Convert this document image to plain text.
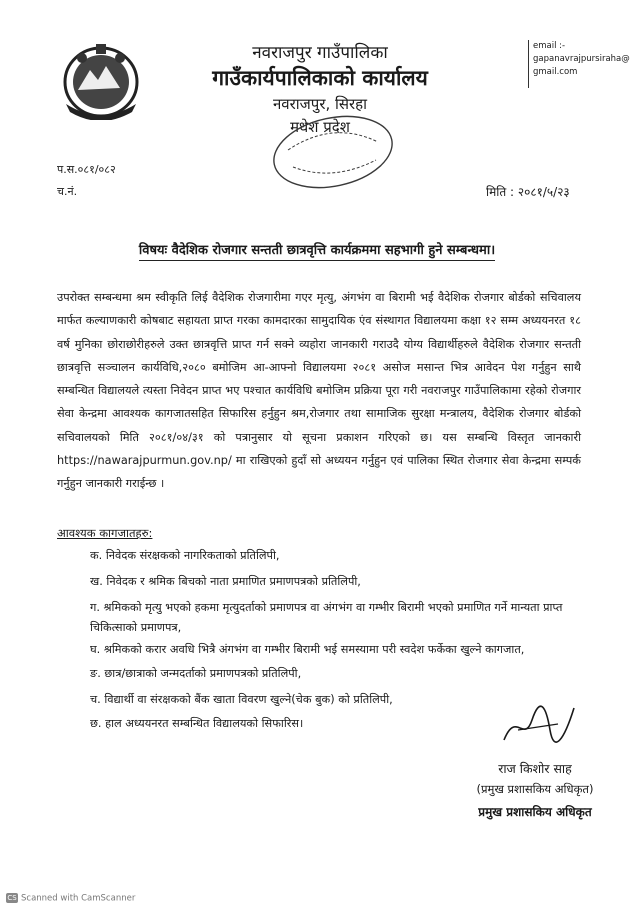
नवराजपुर गाउँपालिका
गाउँकार्यपालिकाको कार्यालय
नवराजपुर, सिरहा
मधेश प्रदेश
email :-
gapanavrajpursiraha@
gmail.com
प.स.०८१/०८२
च.नं.	मिति : २०८१/५/२३
विषयः वैदेशिक रोजगार सन्तती छात्रवृत्ति कार्यक्रममा सहभागी हुने सम्बन्धमा।
उपरोक्त सम्बन्धमा श्रम स्वीकृति लिई वैदेशिक रोजगारीमा गएर मृत्यु, अंगभंग वा बिरामी भई वैदेशिक रोजगार बोर्डको सचिवालय मार्फत कल्याणकारी कोषबाट सहायता प्राप्त गरका कामदारका सामुदायिक एंव संस्थागत विद्यालयमा कक्षा १२ सम्म अध्ययनरत १८ वर्ष मुनिका छोराछोरीहरुले उक्त छात्रवृत्ति प्राप्त गर्न सक्ने व्यहोरा जानकारी गराउदै योग्य विद्यार्थीहरुले वैदेशिक रोजगार सन्तती छात्रवृत्ति सञ्चालन कार्यविधि,२०८० बमोजिम आ-आफ्नो विद्यालयमा २०८१ असोज मसान्त भित्र आवेदन पेश गर्नुहुन साथै सम्बन्धित विद्यालयले त्यस्ता निवेदन प्राप्त भए पश्चात कार्यविधि बमोजिम प्रक्रिया पूरा गरी नवराजपुर गाउँपालिकामा रहेको रोजगार सेवा केन्द्रमा आवश्यक कागजातसहित सिफारिस हर्नुहुन श्रम,रोजगार तथा सामाजिक सुरक्षा मन्त्रालय, वैदेशिक रोजगार बोर्डको सचिवालयको मिति २०८१/०४/३१ को पत्रानुसार यो सूचना प्रकाशन गरिएको छ। यस सम्बन्धि विस्तृत जानकारी https://nawarajpurmun.gov.np/ मा राखिएको हुदाँ सो अध्ययन गर्नुहुन एवं पालिका स्थित रोजगार सेवा केन्द्रमा सम्पर्क गर्नुहुन जानकारी गराईन्छ ।
आवश्यक कागजातहरु:
क. निवेदक संरक्षकको नागरिकताको प्रतिलिपी,
ख. निवेदक र श्रमिक बिचको नाता प्रमाणित प्रमाणपत्रको प्रतिलिपी,
ग. श्रमिकको मृत्यु भएको हकमा मृत्युदर्ताको प्रमाणपत्र वा अंगभंग वा गम्भीर बिरामी भएको प्रमाणित गर्ने मान्यता प्राप्त चिकित्साको प्रमाणपत्र,
घ. श्रमिकको करार अवधि भित्रै अंगभंग वा गम्भीर बिरामी भई समस्यामा परी स्वदेश फर्केका खुल्ने कागजात,
ङ. छात्र/छात्राको जन्मदर्ताको प्रमाणपत्रको प्रतिलिपी,
च. विद्यार्थी वा संरक्षकको बैंक खाता विवरण खुल्ने(चेक बुक) को प्रतिलिपी,
छ. हाल अध्ययनरत सम्बन्धित विद्यालयको सिफारिस।
राज किशोर साह
(प्रमुख प्रशासकिय अधिकृत)
प्रमुख प्रशासकिय अधिकृत
CS Scanned with CamScanner
